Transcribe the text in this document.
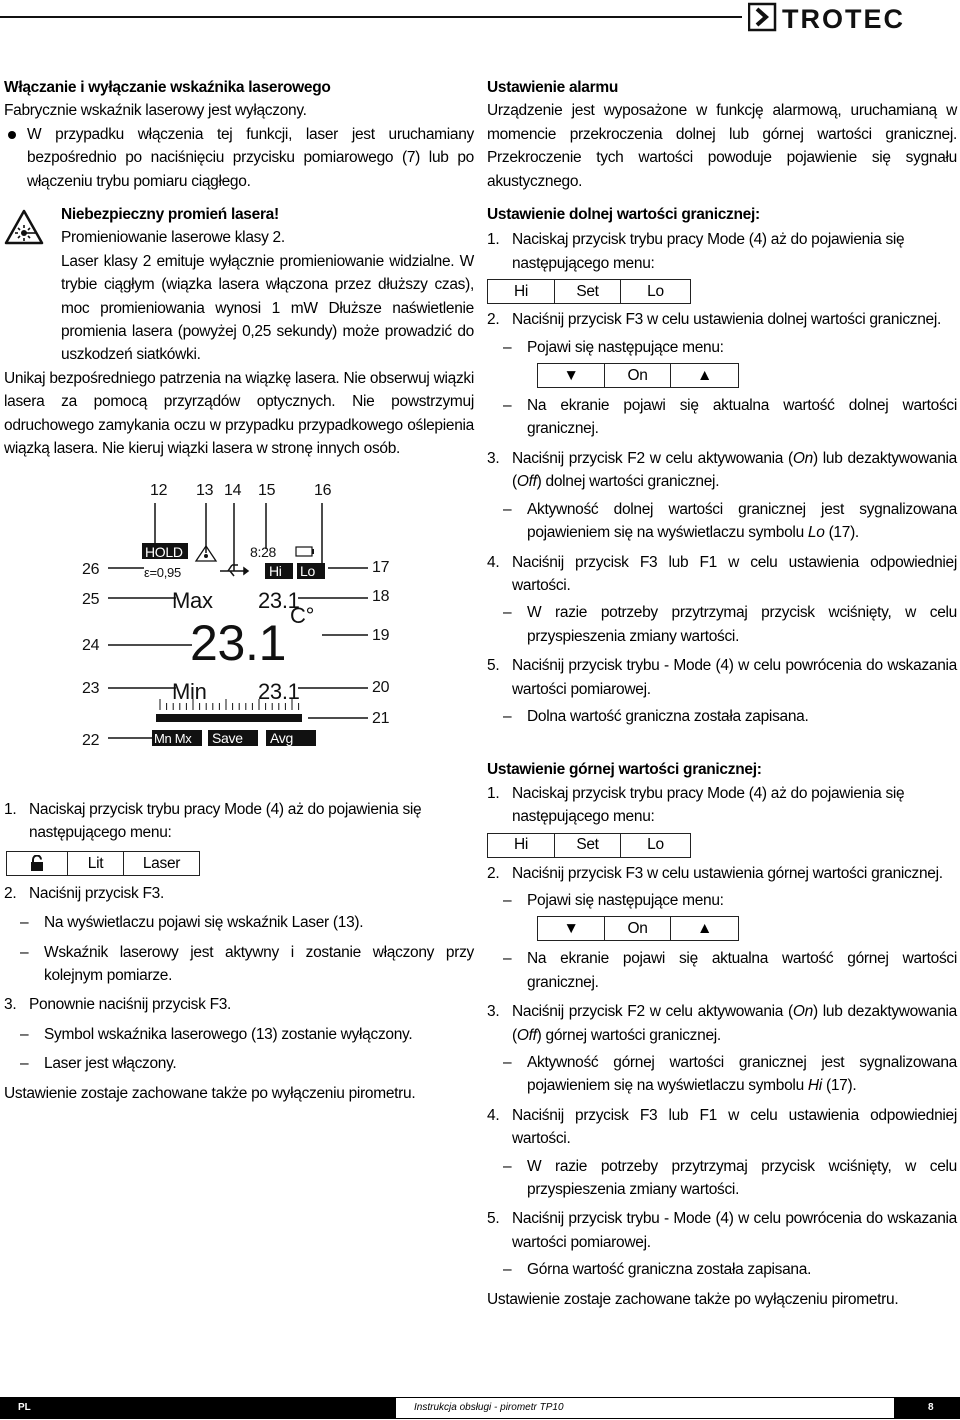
TROTEC

Włączanie i wyłączanie wskaźnika laserowego

Fabrycznie wskaźnik laserowy jest wyłączony.

W przypadku włączenia tej funkcji, laser jest uruchamiany bezpośrednio po naciśnięciu przycisku pomiarowego (7) lub po włączeniu trybu pomiaru ciągłego.

Niebezpieczny promień lasera!

Promieniowanie laserowe klasy 2.

Laser klasy 2 emituje wyłącznie promieniowanie widzialne. W trybie ciągłym (wiązka lasera włączona przez dłuższy czas), moc promieniowania wynosi 1 mW Dłuższe naświetlenie promienia lasera (powyżej 0,25 sekundy) może prowadzić do uszkodzeń siatkówki.

Unikaj bezpośredniego patrzenia na wiązkę lasera. Nie obserwuj wiązki lasera za pomocą przyrządów optycznych. Nie powstrzymuj odruchowego zamykania oczu w przypadku przypadkowego oślepienia wiązką lasera. Nie kieruj wiązki lasera w stronę innych osób.

12 13 14 15 16
26
25
24
23
22
17
18
19
20
21
HOLD
ε=0,95
8:28
Hi Lo
Max 23.1
23.1 C°
Min 23.1
Mn Mx Save Avg

1. Naciskaj przycisk trybu pracy Mode (4) aż do pojawienia się następującego menu:

Lit	Laser

2. Naciśnij przycisk F3.

– Na wyświetlaczu pojawi się wskaźnik Laser (13).

– Wskaźnik laserowy jest aktywny i zostanie włączony przy kolejnym pomiarze.

3. Ponownie naciśnij przycisk F3.

– Symbol wskaźnika laserowego (13) zostanie wyłączony.

– Laser jest włączony.

Ustawienie zostaje zachowane także po wyłączeniu pirometru.

Ustawienie alarmu

Urządzenie jest wyposażone w funkcję alarmową, uruchamianą w momencie przekroczenia dolnej lub górnej wartości granicznej. Przekroczenie tych wartości powoduje pojawienie się sygnału akustycznego.

Ustawienie dolnej wartości granicznej:

1. Naciskaj przycisk trybu pracy Mode (4) aż do pojawienia się następującego menu:

Hi	Set	Lo

2. Naciśnij przycisk F3 w celu ustawienia dolnej wartości granicznej.

– Pojawi się następujące menu:

▼	On	▲

– Na ekranie pojawi się aktualna wartość dolnej wartości granicznej.

3. Naciśnij przycisk F2 w celu aktywowania (On) lub dezaktywowania (Off) dolnej wartości granicznej.

– Aktywność dolnej wartości granicznej jest sygnalizowana pojawieniem się na wyświetlaczu symbolu Lo (17).

4. Naciśnij przycisk F3 lub F1 w celu ustawienia odpowiedniej wartości.

– W razie potrzeby przytrzymaj przycisk wciśnięty, w celu przyspieszenia zmiany wartości.

5. Naciśnij przycisk trybu - Mode (4) w celu powrócenia do wskazania wartości pomiarowej.

– Dolna wartość graniczna została zapisana.

Ustawienie górnej wartości granicznej:

1. Naciskaj przycisk trybu pracy Mode (4) aż do pojawienia się następującego menu:

Hi	Set	Lo

2. Naciśnij przycisk F3 w celu ustawienia górnej wartości granicznej.

– Pojawi się następujące menu:

▼	On	▲

– Na ekranie pojawi się aktualna wartość górnej wartości granicznej.

3. Naciśnij przycisk F2 w celu aktywowania (On) lub dezaktywowania (Off) górnej wartości granicznej.

– Aktywność górnej wartości granicznej jest sygnalizowana pojawieniem się na wyświetlaczu symbolu Hi (17).

4. Naciśnij przycisk F3 lub F1 w celu ustawienia odpowiedniej wartości.

– W razie potrzeby przytrzymaj przycisk wciśnięty, w celu przyspieszenia zmiany wartości.

5. Naciśnij przycisk trybu - Mode (4) w celu powrócenia do wskazania wartości pomiarowej.

– Górna wartość graniczna została zapisana.

Ustawienie zostaje zachowane także po wyłączeniu pirometru.

PL	Instrukcja obsługi - pirometr TP10	8
